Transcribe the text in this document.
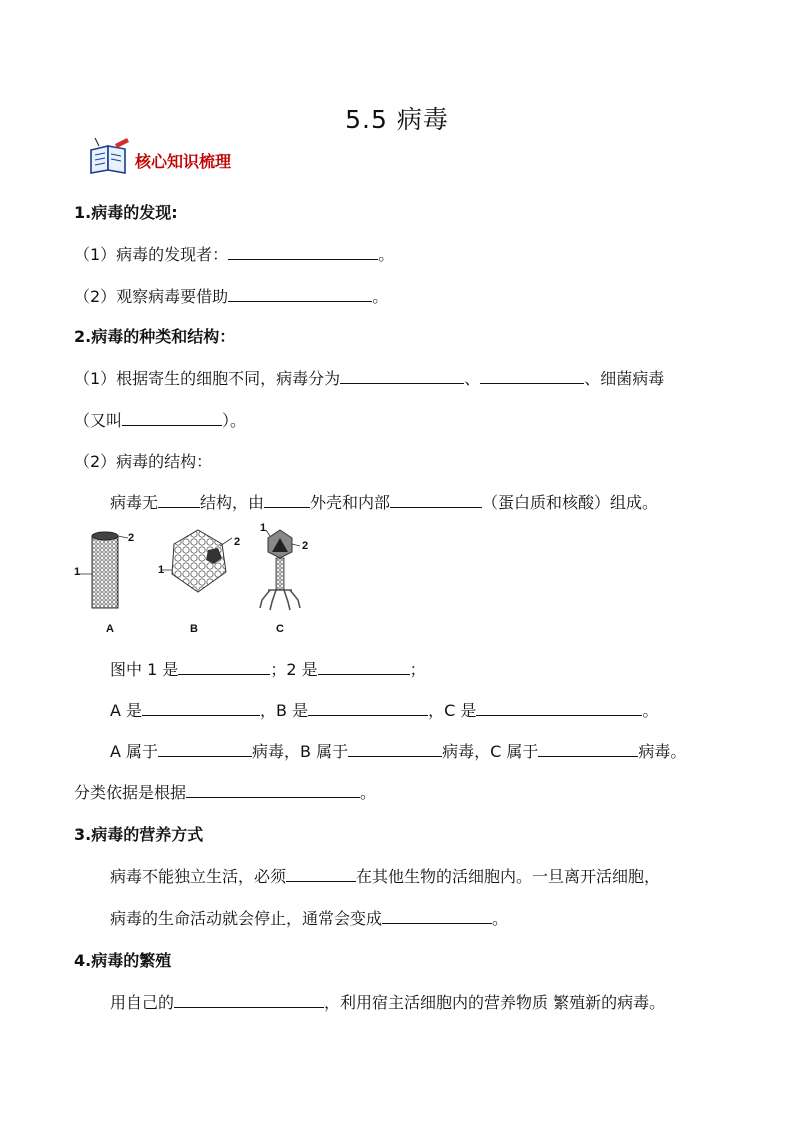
5.5 病毒
核心知识梳理
1.病毒的发现:
（1）病毒的发现者：	。
（2）观察病毒要借助	。
2.病毒的种类和结构：
（1）根据寄生的细胞不同，病毒分为	、	、细菌病毒
（又叫	）。
（2）病毒的结构：
病毒无	结构，由	外壳和内部	（蛋白质和核酸）组成。
2
1
2
1
1
2
A	B	C
图中 1 是	；2 是	；
A 是	，B 是	，C 是	。
A 属于	病毒，B 属于	病毒，C 属于	病毒。
分类依据是根据	。
3.病毒的营养方式
病毒不能独立生活，必须	在其他生物的活细胞内。一旦离开活细胞，
病毒的生命活动就会停止，通常会变成	。
4.病毒的繁殖
用自己的	，利用宿主活细胞内的营养物质 繁殖新的病毒。
